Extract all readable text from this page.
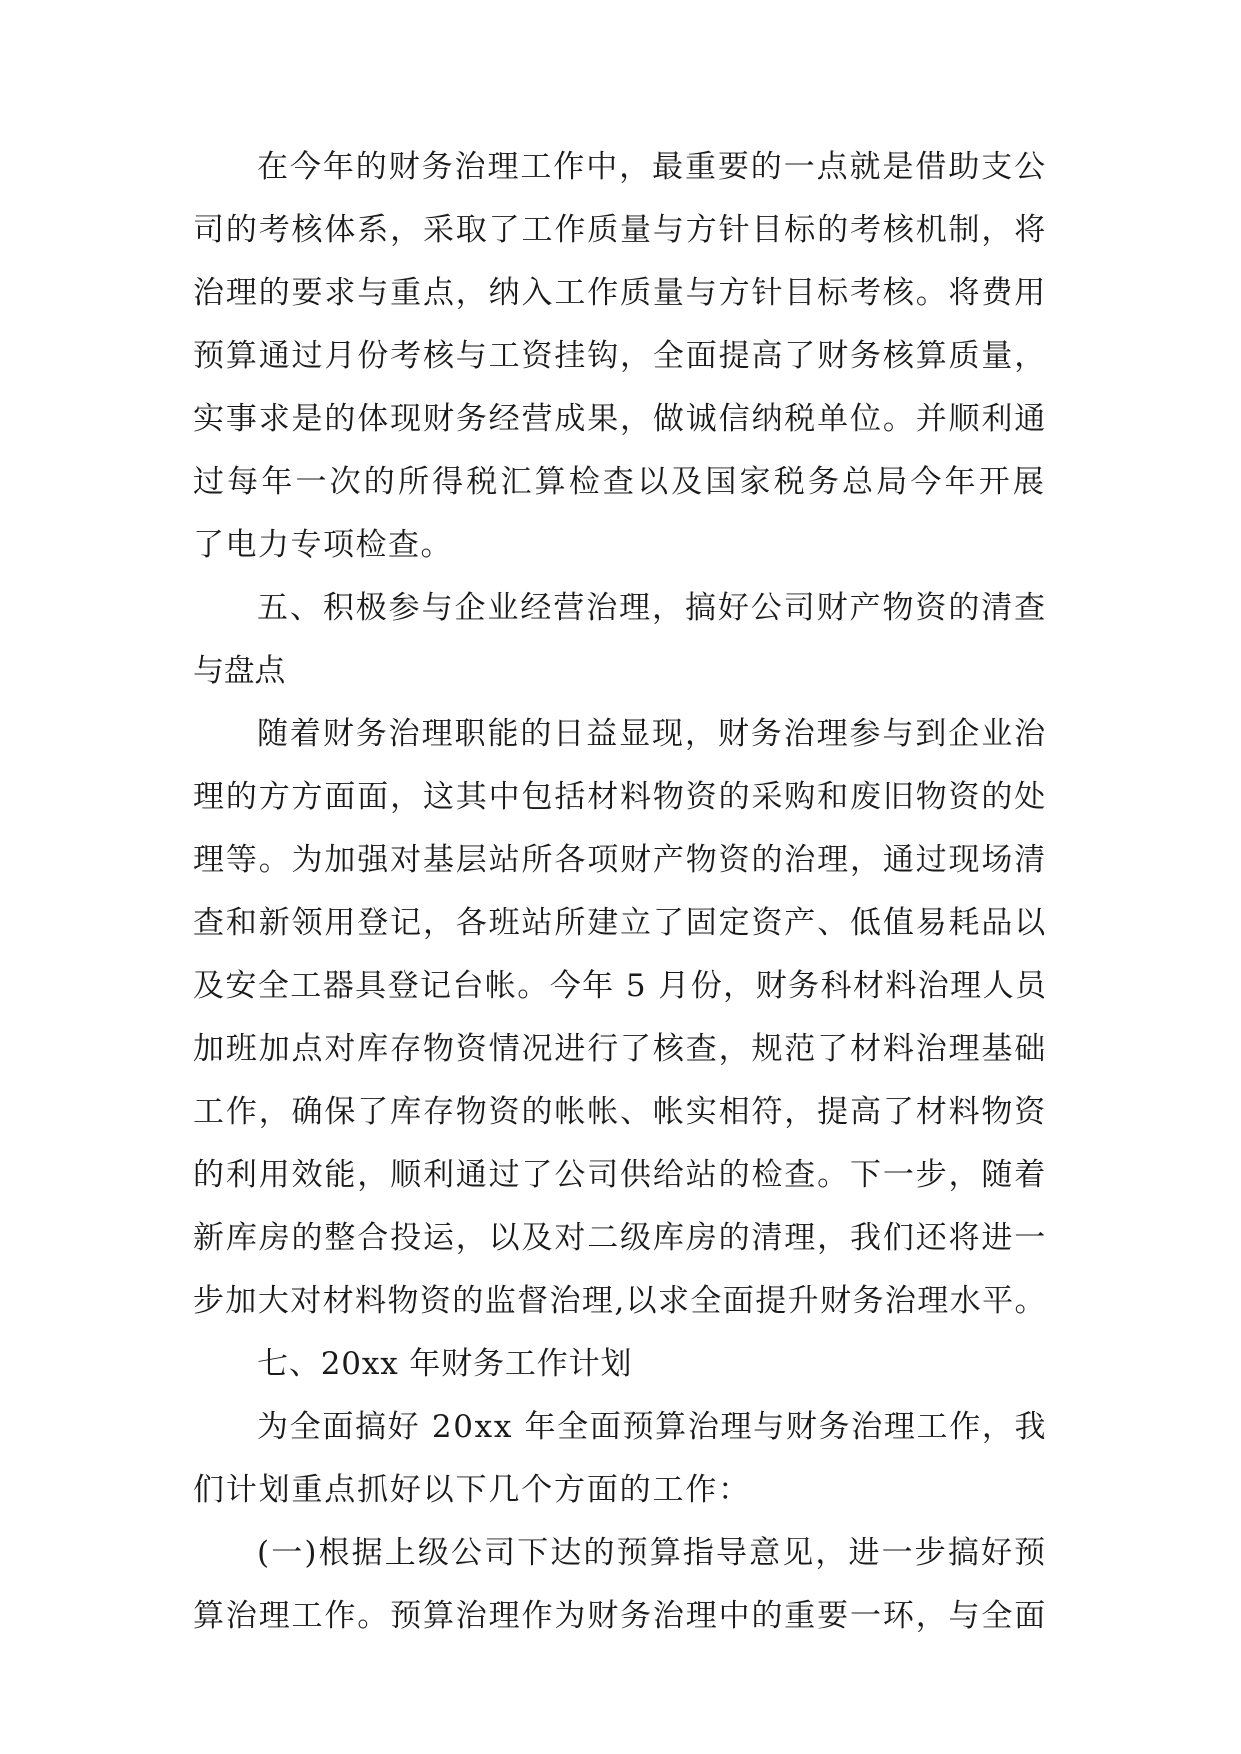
在今年的财务治理工作中，最重要的一点就是借助支公
司的考核体系，采取了工作质量与方针目标的考核机制，将
治理的要求与重点，纳入工作质量与方针目标考核。将费用
预算通过月份考核与工资挂钩，全面提高了财务核算质量，
实事求是的体现财务经营成果，做诚信纳税单位。并顺利通
过每年一次的所得税汇算检查以及国家税务总局今年开展
了电力专项检查。
五、积极参与企业经营治理，搞好公司财产物资的清查
与盘点
随着财务治理职能的日益显现，财务治理参与到企业治
理的方方面面，这其中包括材料物资的采购和废旧物资的处
理等。为加强对基层站所各项财产物资的治理，通过现场清
查和新领用登记，各班站所建立了固定资产、低值易耗品以
及安全工器具登记台帐。今年 5 月份，财务科材料治理人员
加班加点对库存物资情况进行了核查，规范了材料治理基础
工作，确保了库存物资的帐帐、帐实相符，提高了材料物资
的利用效能，顺利通过了公司供给站的检查。下一步，随着
新库房的整合投运，以及对二级库房的清理，我们还将进一
步加大对材料物资的监督治理,以求全面提升财务治理水平。
七、20xx 年财务工作计划
为全面搞好 20xx 年全面预算治理与财务治理工作，我
们计划重点抓好以下几个方面的工作：
(一)根据上级公司下达的预算指导意见，进一步搞好预
算治理工作。预算治理作为财务治理中的重要一环，与全面
